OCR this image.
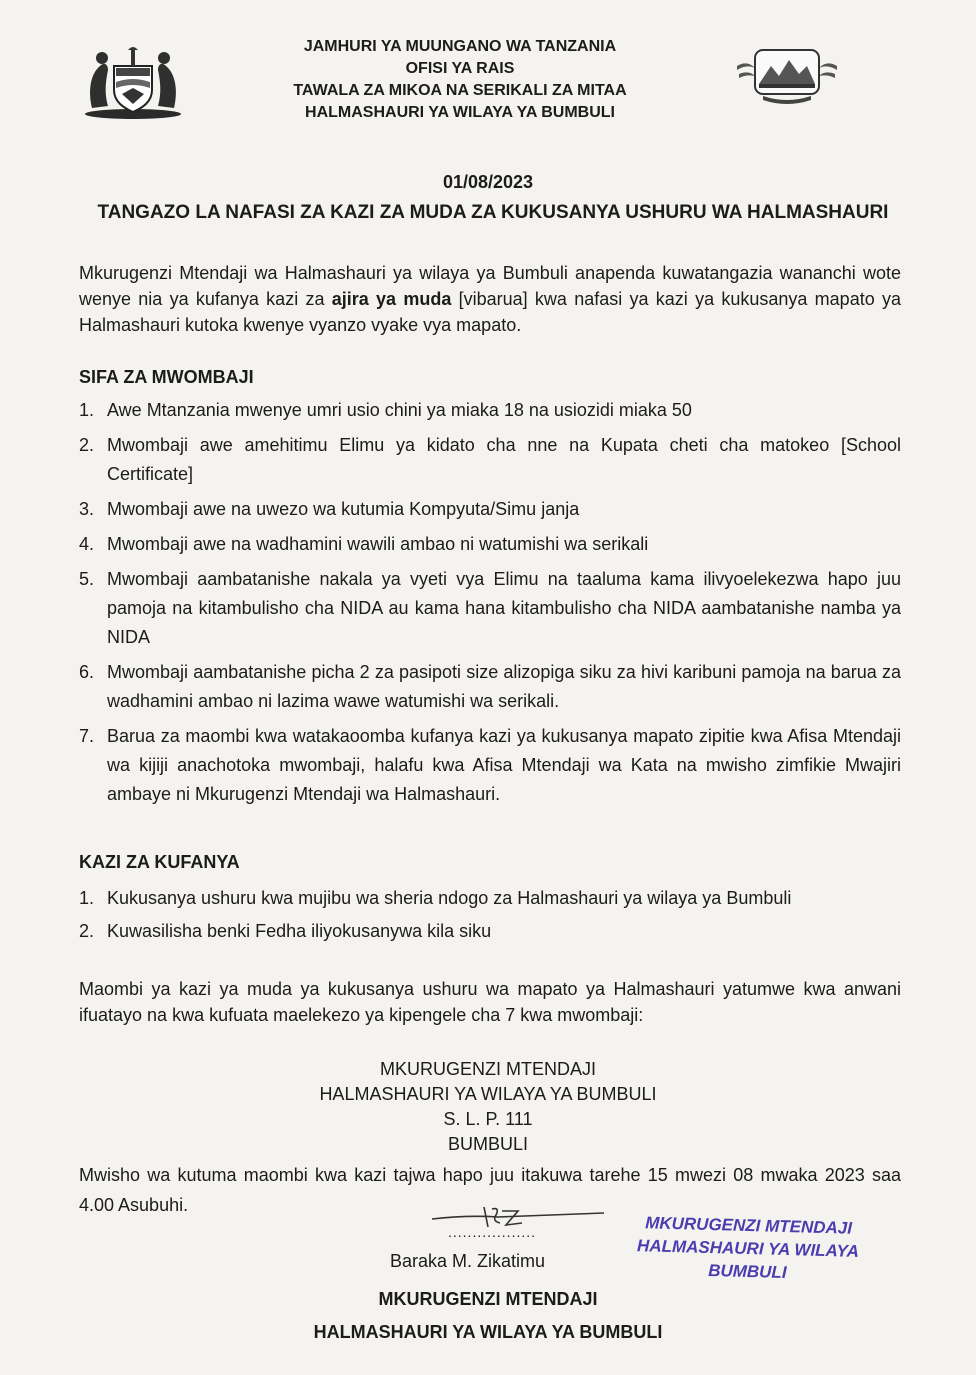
JAMHURI YA MUUNGANO WA TANZANIA
OFISI YA RAIS
TAWALA ZA MIKOA NA SERIKALI ZA MITAA
HALMASHAURI YA WILAYA YA BUMBULI
01/08/2023
TANGAZO LA NAFASI ZA KAZI ZA MUDA ZA KUKUSANYA USHURU WA HALMASHAURI
Mkurugenzi Mtendaji wa Halmashauri ya wilaya ya Bumbuli anapenda kuwatangazia wananchi wote wenye nia ya kufanya kazi za ajira ya muda [vibarua] kwa nafasi ya kazi ya kukusanya mapato ya Halmashauri kutoka kwenye vyanzo vyake vya mapato.
SIFA ZA MWOMBAJI
1. Awe Mtanzania mwenye umri usio chini ya miaka 18 na usiozidi miaka 50
2. Mwombaji awe amehitimu Elimu ya kidato cha nne na Kupata cheti cha matokeo [School Certificate]
3. Mwombaji awe na uwezo wa kutumia Kompyuta/Simu janja
4. Mwombaji awe na wadhamini wawili ambao ni watumishi wa serikali
5. Mwombaji aambatanishe nakala ya vyeti vya Elimu na taaluma kama ilivyoelekezwa hapo juu pamoja na kitambulisho cha NIDA au kama hana kitambulisho cha NIDA aambatanishe namba ya NIDA
6. Mwombaji aambatanishe picha 2 za pasipoti size alizopiga siku za hivi karibuni pamoja na barua za wadhamini ambao ni lazima wawe watumishi wa serikali.
7. Barua za maombi kwa watakaoomba kufanya kazi ya kukusanya mapato zipitie kwa Afisa Mtendaji wa kijiji anachotoka mwombaji, halafu kwa Afisa Mtendaji wa Kata na mwisho zimfikie Mwajiri ambaye ni Mkurugenzi Mtendaji wa Halmashauri.
KAZI ZA KUFANYA
1. Kukusanya ushuru kwa mujibu wa sheria ndogo za Halmashauri ya wilaya ya Bumbuli
2. Kuwasilisha benki Fedha iliyokusanywa kila siku
Maombi ya kazi ya muda ya kukusanya ushuru wa mapato ya Halmashauri yatumwe kwa anwani ifuatayo na kwa kufuata maelekezo ya kipengele cha 7 kwa mwombaji:
MKURUGENZI MTENDAJI
HALMASHAURI YA WILAYA YA BUMBULI
S. L. P. 111
BUMBULI
Mwisho wa kutuma maombi kwa kazi tajwa hapo juu itakuwa tarehe 15 mwezi 08 mwaka 2023 saa 4.00 Asubuhi.
..................
Baraka M. Zikatimu
MKURUGENZI MTENDAJI
HALMASHAURI YA WILAYA
BUMBULI
MKURUGENZI MTENDAJI
HALMASHAURI YA WILAYA YA BUMBULI
